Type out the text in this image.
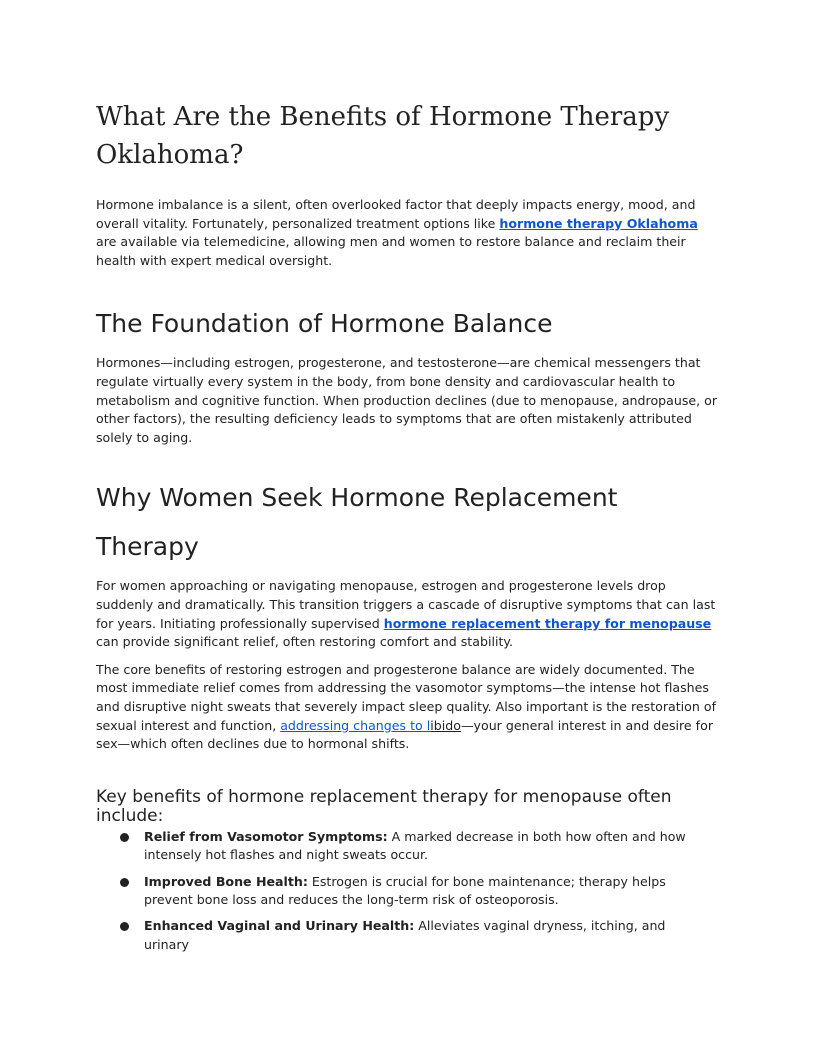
What Are the Benefits of Hormone Therapy
Oklahoma?

Hormone imbalance is a silent, often overlooked factor that deeply impacts energy, mood, and overall vitality. Fortunately, personalized treatment options like hormone therapy Oklahoma are available via telemedicine, allowing men and women to restore balance and reclaim their health with expert medical oversight.

The Foundation of Hormone Balance

Hormones—including estrogen, progesterone, and testosterone—are chemical messengers that regulate virtually every system in the body, from bone density and cardiovascular health to metabolism and cognitive function. When production declines (due to menopause, andropause, or other factors), the resulting deficiency leads to symptoms that are often mistakenly attributed solely to aging.

Why Women Seek Hormone Replacement
Therapy

For women approaching or navigating menopause, estrogen and progesterone levels drop suddenly and dramatically. This transition triggers a cascade of disruptive symptoms that can last for years. Initiating professionally supervised hormone replacement therapy for menopause can provide significant relief, often restoring comfort and stability.

The core benefits of restoring estrogen and progesterone balance are widely documented. The most immediate relief comes from addressing the vasomotor symptoms—the intense hot flashes and disruptive night sweats that severely impact sleep quality. Also important is the restoration of sexual interest and function, addressing changes to libido—your general interest in and desire for sex—which often declines due to hormonal shifts.

Key benefits of hormone replacement therapy for menopause often include:
Relief from Vasomotor Symptoms: A marked decrease in both how often and how
intensely hot flashes and night sweats occur.
Improved Bone Health: Estrogen is crucial for bone maintenance; therapy helps prevent bone loss and reduces the long-term risk of osteoporosis.
Enhanced Vaginal and Urinary Health: Alleviates vaginal dryness, itching, and urinary
